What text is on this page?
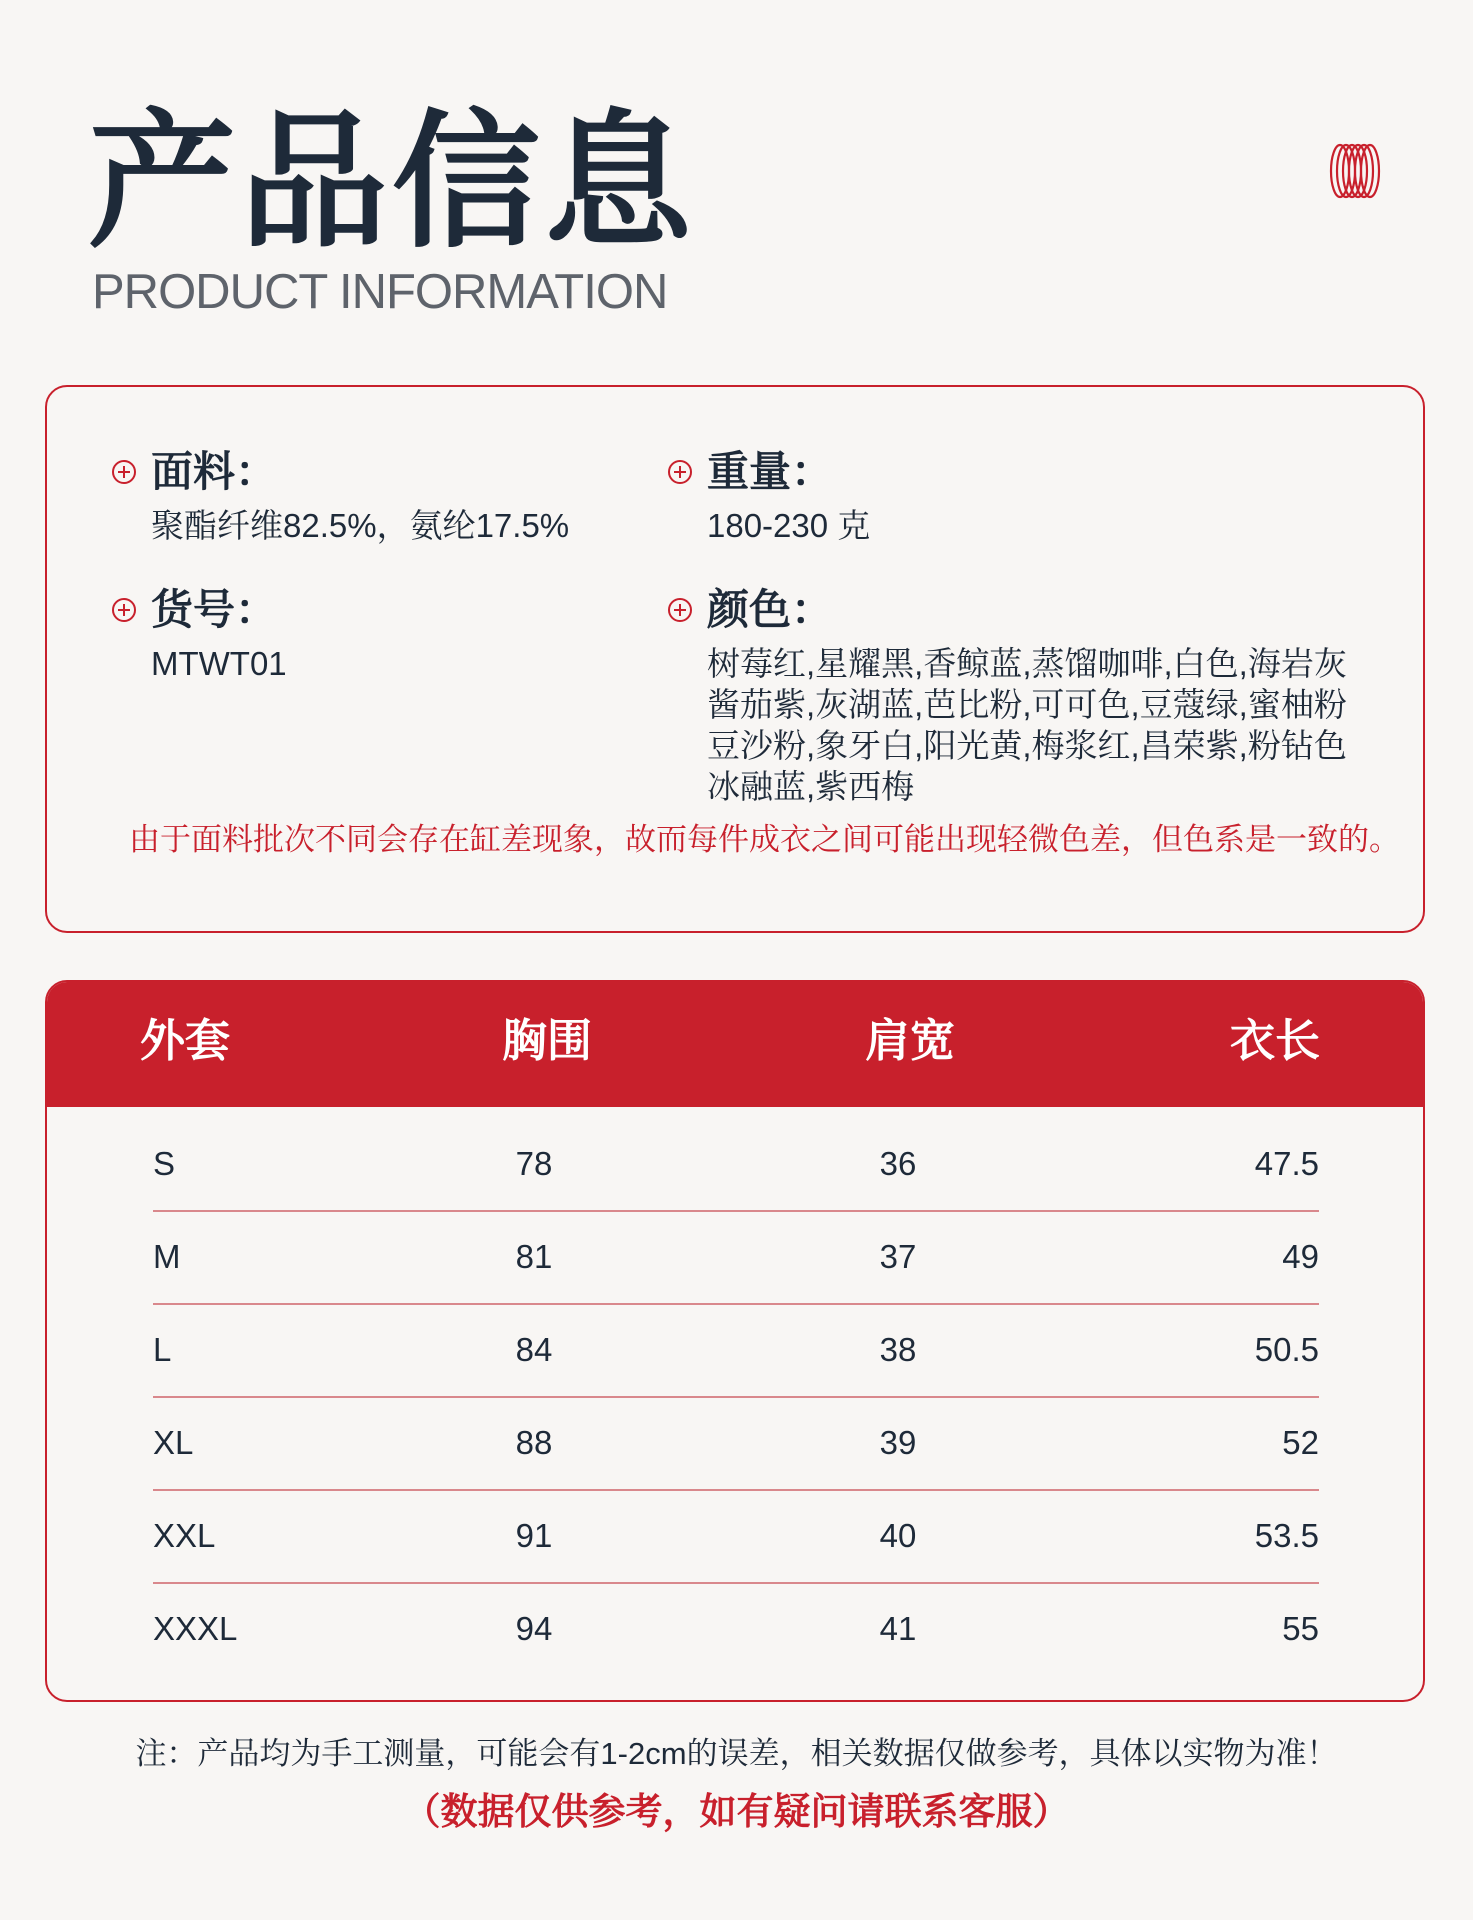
产品信息
PRODUCT INFORMATION
面料：
聚酯纤维82.5%，氨纶17.5%
重量：
180-230 克
货号：
MTWT01
颜色：
树莓红,星耀黑,香鲸蓝,蒸馏咖啡,白色,海岩灰
酱茄紫,灰湖蓝,芭比粉,可可色,豆蔻绿,蜜柚粉
豆沙粉,象牙白,阳光黄,梅浆红,昌荣紫,粉钻色
冰融蓝,紫西梅
由于面料批次不同会存在缸差现象，故而每件成衣之间可能出现轻微色差，但色系是一致的。
外套	胸围	肩宽	衣长
S	78	36	47.5
M	81	37	49
L	84	38	50.5
XL	88	39	52
XXL	91	40	53.5
XXXL	94	41	55
注：产品均为手工测量，可能会有1-2cm的误差，相关数据仅做参考，具体以实物为准！
（数据仅供参考，如有疑问请联系客服）
